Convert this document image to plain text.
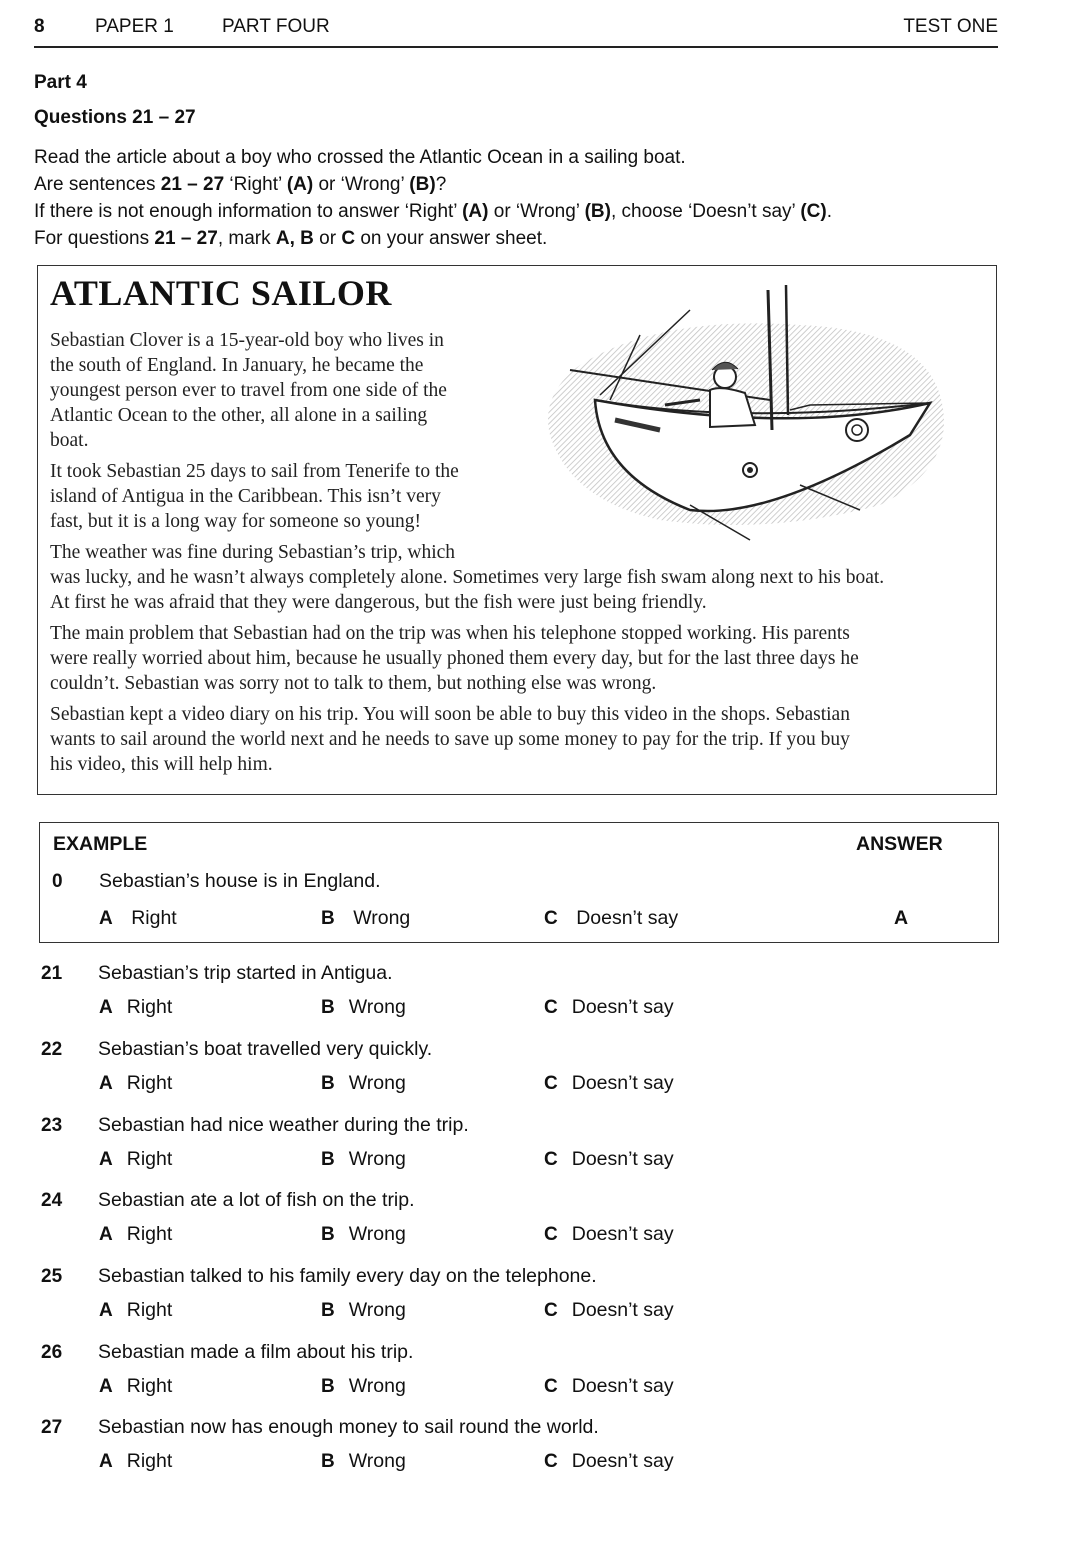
8	PAPER 1	PART FOUR	TEST ONE
Part 4
Questions 21 – 27
Read the article about a boy who crossed the Atlantic Ocean in a sailing boat.
Are sentences 21 – 27 ‘Right’ (A) or ‘Wrong’ (B)?
If there is not enough information to answer ‘Right’ (A) or ‘Wrong’ (B), choose ‘Doesn’t say’ (C).
For questions 21 – 27, mark A, B or C on your answer sheet.
ATLANTIC SAILOR
Sebastian Clover is a 15-year-old boy who lives in
the south of England. In January, he became the
youngest person ever to travel from one side of the
Atlantic Ocean to the other, all alone in a sailing
boat.
It took Sebastian 25 days to sail from Tenerife to the
island of Antigua in the Caribbean. This isn’t very
fast, but it is a long way for someone so young!
The weather was fine during Sebastian’s trip, which
was lucky, and he wasn’t always completely alone. Sometimes very large fish swam along next to his boat.
At first he was afraid that they were dangerous, but the fish were just being friendly.
The main problem that Sebastian had on the trip was when his telephone stopped working. His parents
were really worried about him, because he usually phoned them every day, but for the last three days he
couldn’t. Sebastian was sorry not to talk to them, but nothing else was wrong.
Sebastian kept a video diary on his trip. You will soon be able to buy this video in the shops. Sebastian
wants to sail around the world next and he needs to save up some money to pay for the trip. If you buy
his video, this will help him.
EXAMPLE	ANSWER
0 Sebastian’s house is in England.
A Right	B Wrong	C Doesn’t say	A
21 Sebastian’s trip started in Antigua.
A Right	B Wrong	C Doesn’t say
22 Sebastian’s boat travelled very quickly.
A Right	B Wrong	C Doesn’t say
23 Sebastian had nice weather during the trip.
A Right	B Wrong	C Doesn’t say
24 Sebastian ate a lot of fish on the trip.
A Right	B Wrong	C Doesn’t say
25 Sebastian talked to his family every day on the telephone.
A Right	B Wrong	C Doesn’t say
26 Sebastian made a film about his trip.
A Right	B Wrong	C Doesn’t say
27 Sebastian now has enough money to sail round the world.
A Right	B Wrong	C Doesn’t say
